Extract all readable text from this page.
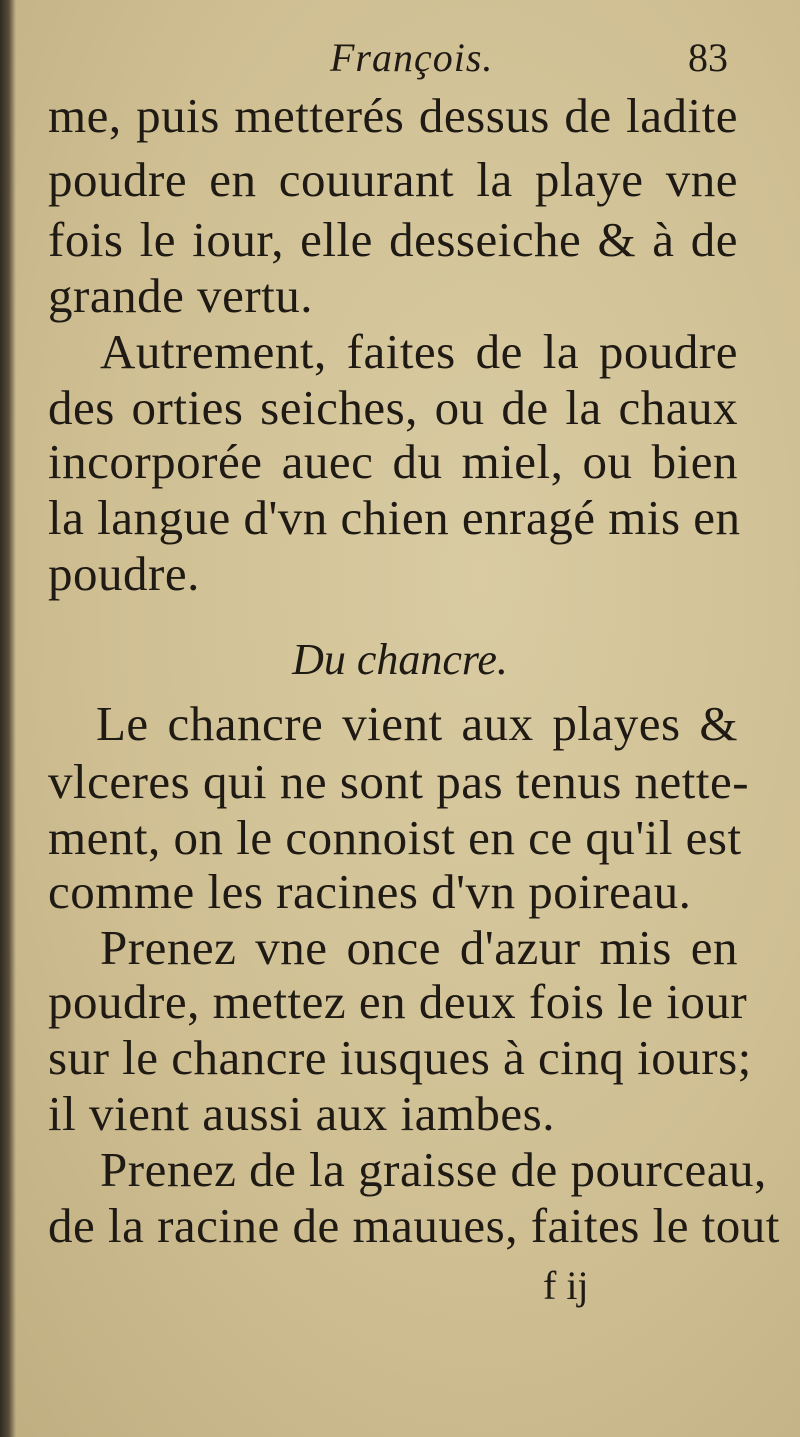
François.	83
me, puis metterés dessus de ladite
poudre en couurant la playe vne
fois le iour, elle desseiche & à de
grande vertu.
Autrement, faites de la poudre
des orties seiches, ou de la chaux
incorporée auec du miel, ou bien
la langue d'vn chien enragé mis en
poudre.
Du chancre.
Le chancre vient aux playes &
vlceres qui ne sont pas tenus nette-
ment, on le connoist en ce qu'il est
comme les racines d'vn poireau.
Prenez vne once d'azur mis en
poudre, mettez en deux fois le iour
sur le chancre iusques à cinq iours;
il vient aussi aux iambes.
Prenez de la graisse de pourceau,
de la racine de mauues, faites le tout
f ij
